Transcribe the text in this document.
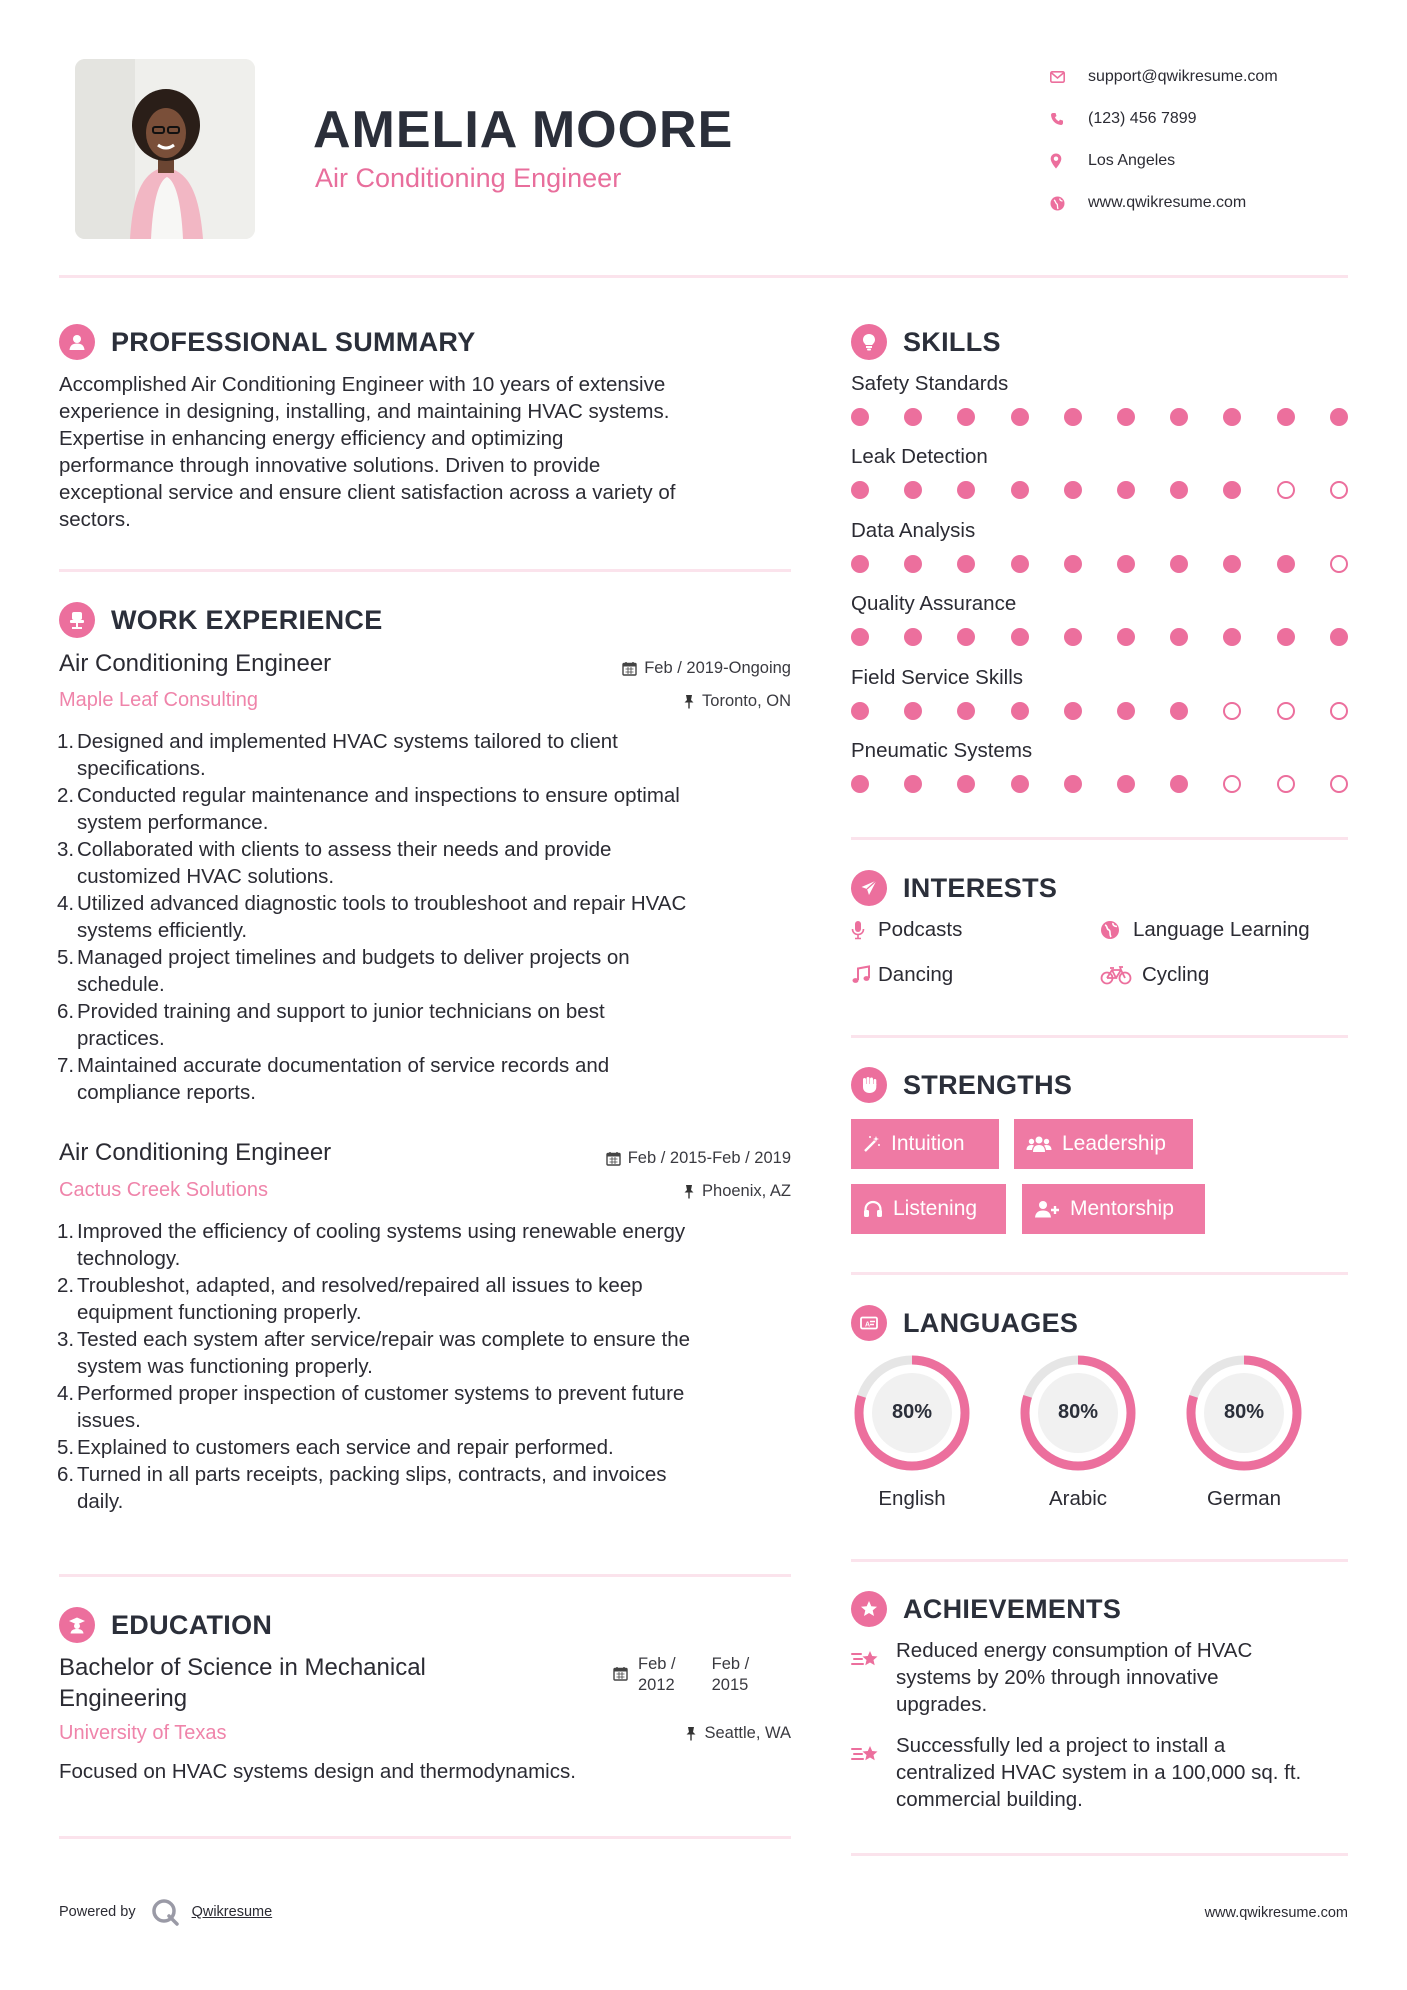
AMELIA MOORE
Air Conditioning Engineer
support@qwikresume.com
(123) 456 7899
Los Angeles
www.qwikresume.com
PROFESSIONAL SUMMARY
Accomplished Air Conditioning Engineer with 10 years of extensive
experience in designing, installing, and maintaining HVAC systems.
Expertise in enhancing energy efficiency and optimizing
performance through innovative solutions. Driven to provide
exceptional service and ensure client satisfaction across a variety of
sectors.
WORK EXPERIENCE
Air Conditioning Engineer	Feb / 2019-Ongoing
Maple Leaf Consulting	Toronto, ON
1. Designed and implemented HVAC systems tailored to client
specifications.
2. Conducted regular maintenance and inspections to ensure optimal
system performance.
3. Collaborated with clients to assess their needs and provide
customized HVAC solutions.
4. Utilized advanced diagnostic tools to troubleshoot and repair HVAC
systems efficiently.
5. Managed project timelines and budgets to deliver projects on
schedule.
6. Provided training and support to junior technicians on best
practices.
7. Maintained accurate documentation of service records and
compliance reports.
Air Conditioning Engineer	Feb / 2015-Feb / 2019
Cactus Creek Solutions	Phoenix, AZ
1. Improved the efficiency of cooling systems using renewable energy
technology.
2. Troubleshot, adapted, and resolved/repaired all issues to keep
equipment functioning properly.
3. Tested each system after service/repair was complete to ensure the
system was functioning properly.
4. Performed proper inspection of customer systems to prevent future
issues.
5. Explained to customers each service and repair performed.
6. Turned in all parts receipts, packing slips, contracts, and invoices
daily.
EDUCATION
Bachelor of Science in Mechanical
Engineering
Feb /
2012
Feb /
2015
University of Texas	Seattle, WA
Focused on HVAC systems design and thermodynamics.
SKILLS
Safety Standards
Leak Detection
Data Analysis
Quality Assurance
Field Service Skills
Pneumatic Systems
INTERESTS
Podcasts	Language Learning
Dancing	Cycling
STRENGTHS
Intuition	Leadership
Listening	Mentorship
A LANGUAGES
80%
English
80%
Arabic
80%
German
ACHIEVEMENTS
Reduced energy consumption of HVAC
systems by 20% through innovative
upgrades.
Successfully led a project to install a
centralized HVAC system in a 100,000 sq. ft.
commercial building.
Powered by	Qwikresume	www.qwikresume.com
